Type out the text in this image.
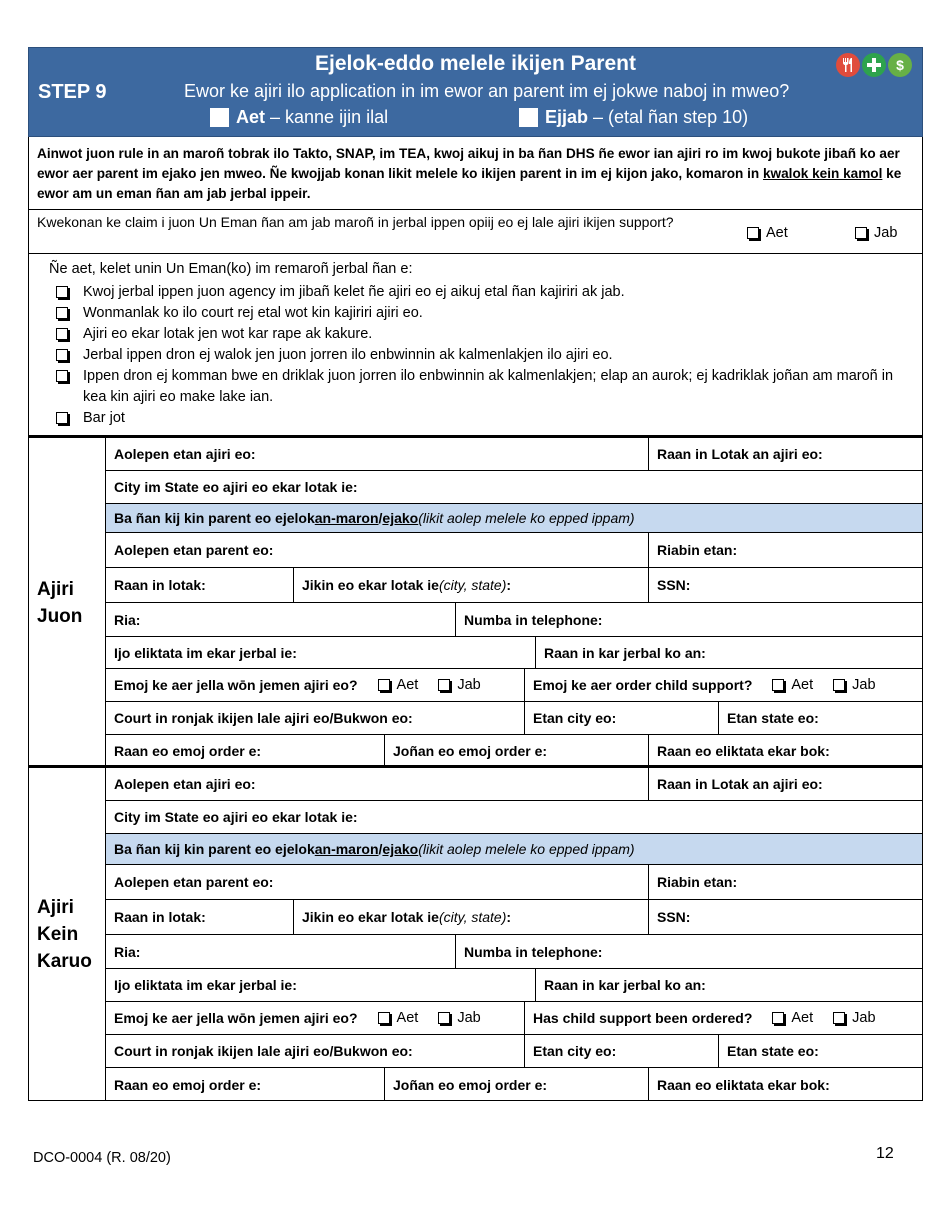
Ejelok-eddo melele ikijen Parent
STEP 9	Ewor ke ajiri ilo application in im ewor an parent im ej jokwe naboj in mweo?
Aet – kanne ijin ilal	Ejjab – (etal ñan step 10)
$
Ainwot juon rule in an maroñ tobrak ilo Takto, SNAP, im TEA, kwoj aikuj in ba ñan DHS ñe ewor ian ajiri ro im kwoj bukote jibañ ko aer ewor aer parent im ejako jen mweo. Ñe kwojjab konan likit melele ko ikijen parent in im ej kijon jako, komaron in kwalok kein kamol ke ewor am un eman ñan am jab jerbal ippeir.
Kwekonan ke claim i juon Un Eman ñan am jab maroñ in jerbal ippen opiij eo ej lale ajiri ikijen support?
Aet	Jab
Ñe aet, kelet unin Un Eman(ko) im remaroñ jerbal ñan e:
Kwoj jerbal ippen juon agency im jibañ kelet ñe ajiri eo ej aikuj etal ñan kajiriri ak jab.
Wonmanlak ko ilo court rej etal wot kin kajiriri ajiri eo.
Ajiri eo ekar lotak jen wot kar rape ak kakure.
Jerbal ippen dron ej walok jen juon jorren ilo enbwinnin ak kalmenlakjen ilo ajiri eo.
Ippen dron ej komman bwe en driklak juon jorren ilo enbwinnin ak kalmenlakjen; elap an aurok; ej kadriklak joñan am maroñ in kea kin ajiri eo make lake ian.
Bar jot
Ajiri
Juon
Aolepen etan ajiri eo:	Raan in Lotak an ajiri eo:
City im State eo ajiri eo ekar lotak ie:
Ba ñan kij kin parent eo ejelok an-maron / ejako (likit aolep melele ko epped ippam)
Aolepen etan parent eo:	Riabin etan:
Raan in lotak:	Jikin eo ekar lotak ie (city, state) :	SSN:
Ria:	Numba in telephone:
Ijo eliktata im ekar jerbal ie:	Raan in kar jerbal ko an:
Emoj ke aer jella wōn jemen ajiri eo?	Aet	Jab	Emoj ke aer order child support?	Aet	Jab
Court in ronjak ikijen lale ajiri eo/Bukwon eo:	Etan city eo:	Etan state eo:
Raan eo emoj order e:	Joñan eo emoj order e:	Raan eo eliktata ekar bok:
Ajiri
Kein
Karuo
Aolepen etan ajiri eo:	Raan in Lotak an ajiri eo:
City im State eo ajiri eo ekar lotak ie:
Ba ñan kij kin parent eo ejelok an-maron / ejako (likit aolep melele ko epped ippam)
Aolepen etan parent eo:	Riabin etan:
Raan in lotak:	Jikin eo ekar lotak ie (city, state) :	SSN:
Ria:	Numba in telephone:
Ijo eliktata im ekar jerbal ie:	Raan in kar jerbal ko an:
Emoj ke aer jella wōn jemen ajiri eo?	Aet	Jab	Has child support been ordered?	Aet	Jab
Court in ronjak ikijen lale ajiri eo/Bukwon eo:	Etan city eo:	Etan state eo:
Raan eo emoj order e:	Joñan eo emoj order e:	Raan eo eliktata ekar bok:
DCO-0004 (R. 08/20)	12
